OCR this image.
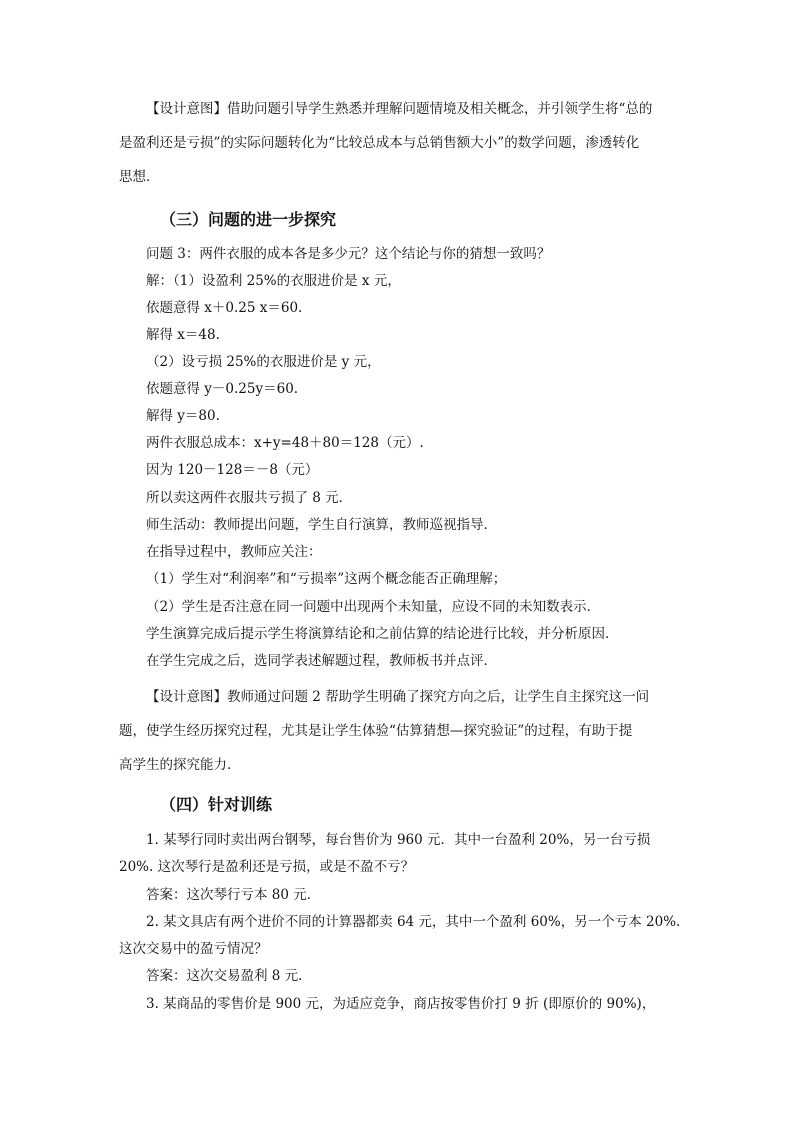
【设计意图】借助问题引导学生熟悉并理解问题情境及相关概念，并引领学生将“总的
是盈利还是亏损”的实际问题转化为“比较总成本与总销售额大小”的数学问题，渗透转化
思想．
（三）问题的进一步探究
问题 3：两件衣服的成本各是多少元？这个结论与你的猜想一致吗？
解：（1）设盈利 25%的衣服进价是 x 元，
依题意得 x＋0.25 x＝60.
解得 x＝48.
（2）设亏损 25%的衣服进价是 y 元，
依题意得 y－0.25y＝60.
解得 y＝80.
两件衣服总成本：x+y=48＋80＝128（元）.
因为 120－128＝－8（元）
所以卖这两件衣服共亏损了 8 元．
师生活动：教师提出问题，学生自行演算，教师巡视指导．
在指导过程中，教师应关注：
（1）学生对“利润率”和“亏损率”这两个概念能否正确理解；
（2）学生是否注意在同一问题中出现两个未知量，应设不同的未知数表示．
学生演算完成后提示学生将演算结论和之前估算的结论进行比较，并分析原因．
在学生完成之后，选同学表述解题过程，教师板书并点评．
【设计意图】教师通过问题 2 帮助学生明确了探究方向之后，让学生自主探究这一问
题，使学生经历探究过程，尤其是让学生体验“估算猜想—探究验证”的过程，有助于提
高学生的探究能力．
（四）针对训练
1. 某琴行同时卖出两台钢琴，每台售价为 960 元．其中一台盈利 20%，另一台亏损
20%. 这次琴行是盈利还是亏损，或是不盈不亏？
答案：这次琴行亏本 80 元．
2. 某文具店有两个进价不同的计算器都卖 64 元，其中一个盈利 60%，另一个亏本 20%.
这次交易中的盈亏情况？
答案：这次交易盈利 8 元.
3. 某商品的零售价是 900 元，为适应竞争，商店按零售价打 9 折 (即原价的 90%)，
